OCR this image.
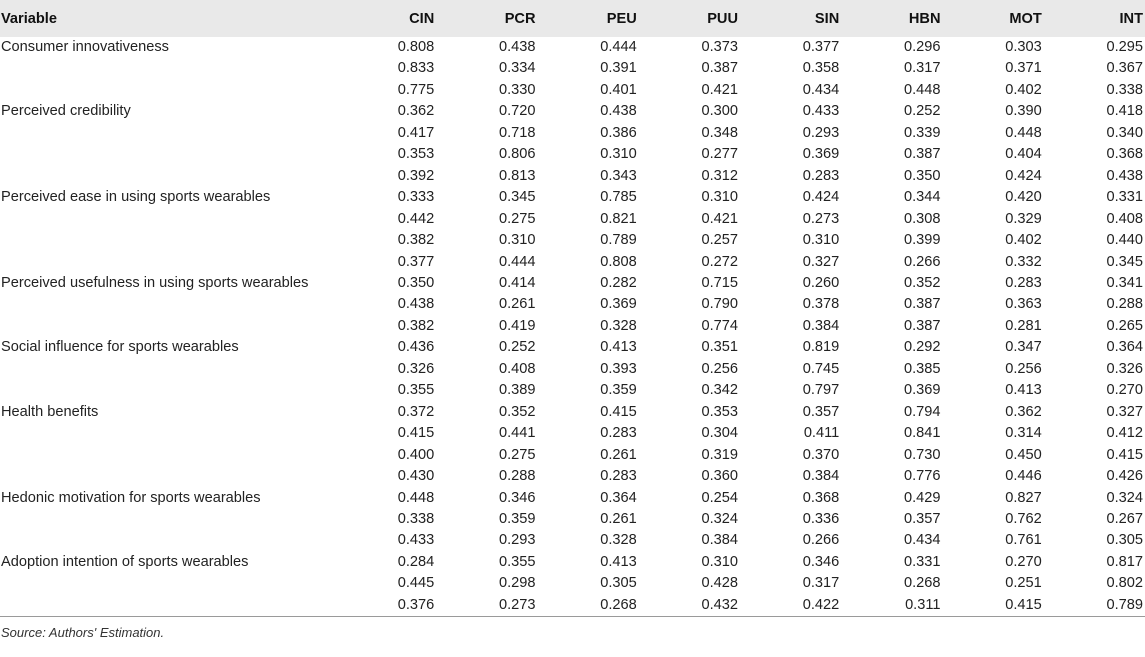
Variable	CIN	PCR	PEU	PUU	SIN	HBN	MOT	INT
Consumer innovativeness	0.808	0.438	0.444	0.373	0.377	0.296	0.303	0.295
	0.833	0.334	0.391	0.387	0.358	0.317	0.371	0.367
	0.775	0.330	0.401	0.421	0.434	0.448	0.402	0.338
Perceived credibility	0.362	0.720	0.438	0.300	0.433	0.252	0.390	0.418
	0.417	0.718	0.386	0.348	0.293	0.339	0.448	0.340
	0.353	0.806	0.310	0.277	0.369	0.387	0.404	0.368
	0.392	0.813	0.343	0.312	0.283	0.350	0.424	0.438
Perceived ease in using sports wearables	0.333	0.345	0.785	0.310	0.424	0.344	0.420	0.331
	0.442	0.275	0.821	0.421	0.273	0.308	0.329	0.408
	0.382	0.310	0.789	0.257	0.310	0.399	0.402	0.440
	0.377	0.444	0.808	0.272	0.327	0.266	0.332	0.345
Perceived usefulness in using sports wearables	0.350	0.414	0.282	0.715	0.260	0.352	0.283	0.341
	0.438	0.261	0.369	0.790	0.378	0.387	0.363	0.288
	0.382	0.419	0.328	0.774	0.384	0.387	0.281	0.265
Social influence for sports wearables	0.436	0.252	0.413	0.351	0.819	0.292	0.347	0.364
	0.326	0.408	0.393	0.256	0.745	0.385	0.256	0.326
	0.355	0.389	0.359	0.342	0.797	0.369	0.413	0.270
Health benefits	0.372	0.352	0.415	0.353	0.357	0.794	0.362	0.327
	0.415	0.441	0.283	0.304	0.411	0.841	0.314	0.412
	0.400	0.275	0.261	0.319	0.370	0.730	0.450	0.415
	0.430	0.288	0.283	0.360	0.384	0.776	0.446	0.426
Hedonic motivation for sports wearables	0.448	0.346	0.364	0.254	0.368	0.429	0.827	0.324
	0.338	0.359	0.261	0.324	0.336	0.357	0.762	0.267
	0.433	0.293	0.328	0.384	0.266	0.434	0.761	0.305
Adoption intention of sports wearables	0.284	0.355	0.413	0.310	0.346	0.331	0.270	0.817
	0.445	0.298	0.305	0.428	0.317	0.268	0.251	0.802
	0.376	0.273	0.268	0.432	0.422	0.311	0.415	0.789
Source: Authors' Estimation.
